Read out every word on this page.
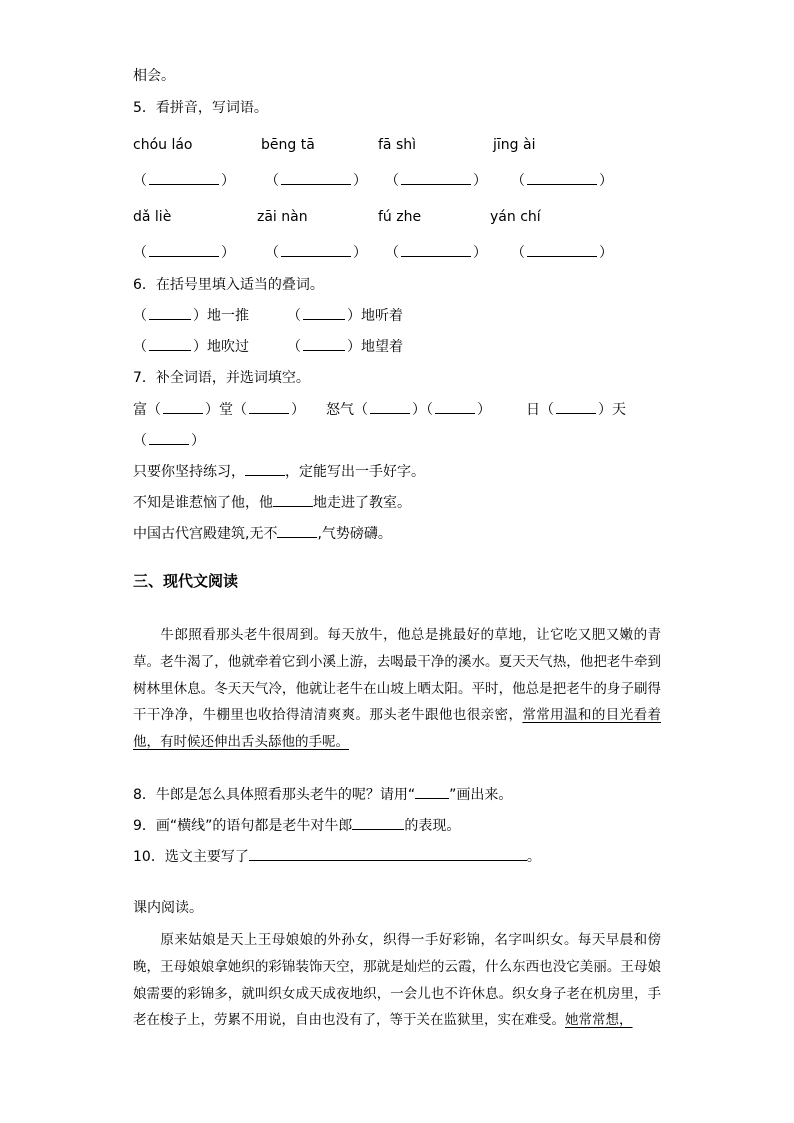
相会。
5．看拼音，写词语。
chóu láo	bēng tā	fā shì	jīng ài
（	） （	） （	） （	）
dǎ liè	zāi nàn	fú zhe	yán chí
（	） （	） （	） （	）
6．在括号里填入适当的叠词。
（	）地一推	（	）地听着
（	）地吹过	（	）地望着
7．补全词语，并选词填空。
富（	）堂（	） 怒气（	）（	）	日（	）天
（	）
只要你坚持练习，	，定能写出一手好字。
不知是谁惹恼了他，他	地走进了教室。
中国古代宫殿建筑,无不	,气势磅礴。
三、现代文阅读
牛郎照看那头老牛很周到。每天放牛，他总是挑最好的草地，让它吃又肥又嫩的青草。老牛渴了，他就牵着它到小溪上游，去喝最干净的溪水。夏天天气热，他把老牛牵到树林里休息。冬天天气冷，他就让老牛在山坡上晒太阳。平时，他总是把老牛的身子刷得干干净净，牛棚里也收拾得清清爽爽。那头老牛跟他也很亲密，常常用温和的目光看着他，有时候还伸出舌头舔他的手呢。
8．牛郎是怎么具体照看那头老牛的呢？请用“ ”画出来。
9．画“横线”的语句都是老牛对牛郎	的表现。
10．选文主要写了	。
课内阅读。
原来姑娘是天上王母娘娘的外孙女，织得一手好彩锦，名字叫织女。每天早晨和傍晚，王母娘娘拿她织的彩锦装饰天空，那就是灿烂的云霞，什么东西也没它美丽。王母娘娘需要的彩锦多，就叫织女成天成夜地织，一会儿也不许休息。织女身子老在机房里，手老在梭子上，劳累不用说，自由也没有了，等于关在监狱里，实在难受。她常常想，
